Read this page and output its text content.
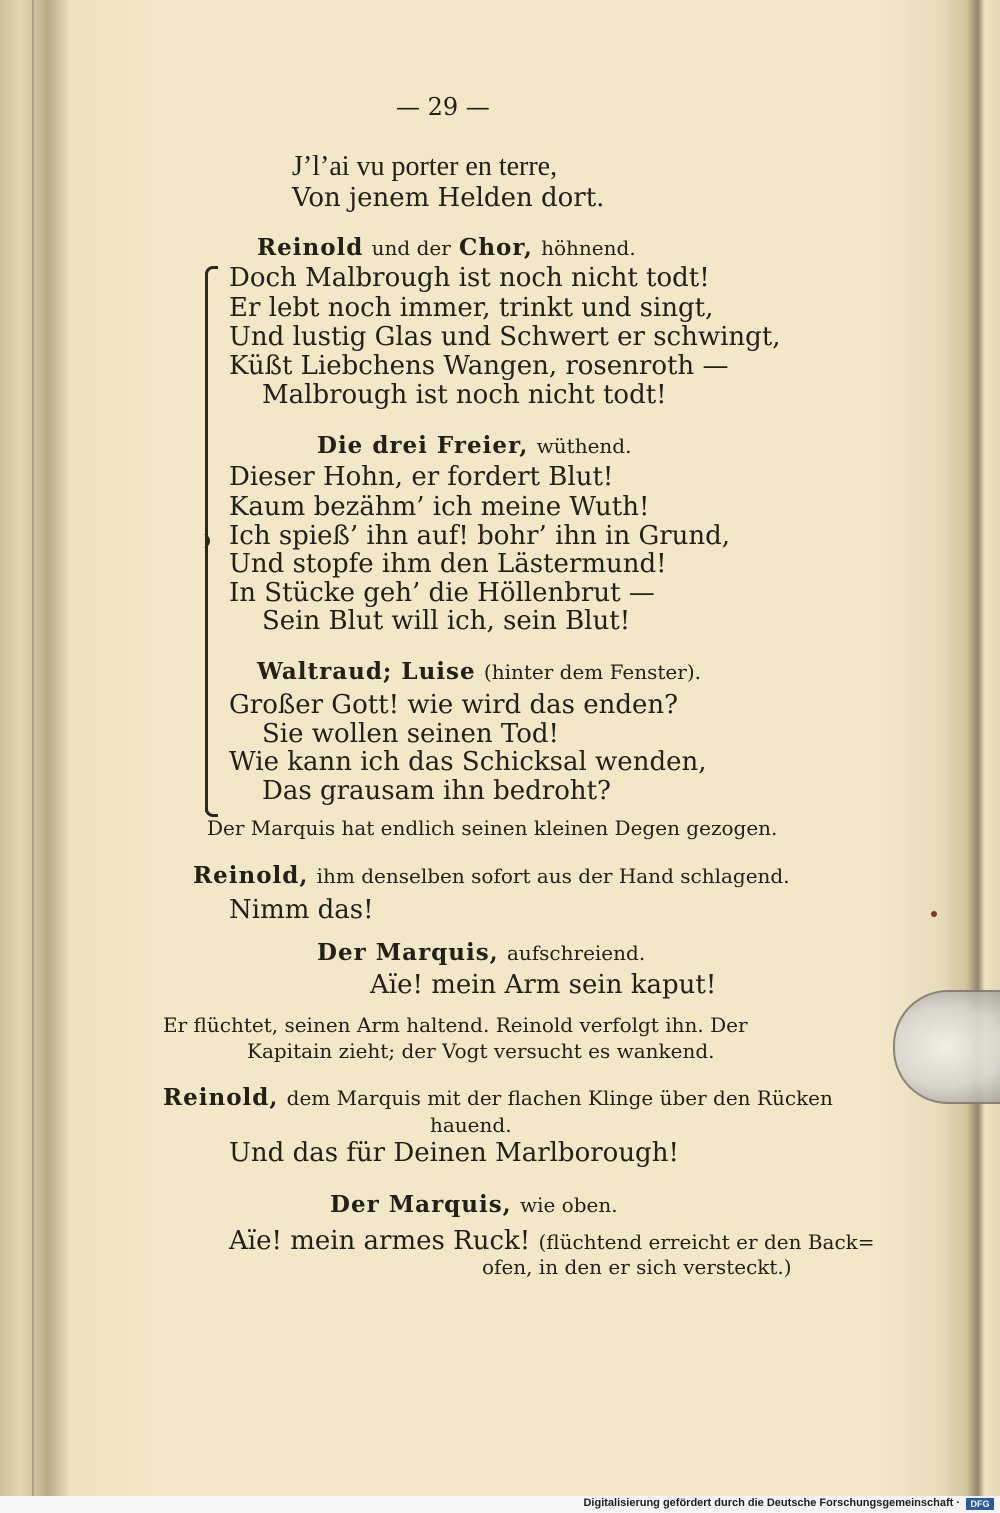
— 29 —
J’l’ai vu porter en terre,
Von jenem Helden dort.
Reinold und der Chor, höhnend.
Doch Malbrough ist noch nicht todt!
Er lebt noch immer, trinkt und singt,
Und lustig Glas und Schwert er schwingt,
Küßt Liebchens Wangen, rosenroth —
Malbrough ist noch nicht todt!
Die drei Freier, wüthend.
Dieser Hohn, er fordert Blut!
Kaum bezähm’ ich meine Wuth!
Ich spieß’ ihn auf! bohr’ ihn in Grund,
Und stopfe ihm den Lästermund!
In Stücke geh’ die Höllenbrut —
Sein Blut will ich, sein Blut!
Waltraud; Luise (hinter dem Fenster).
Großer Gott! wie wird das enden?
Sie wollen seinen Tod!
Wie kann ich das Schicksal wenden,
Das grausam ihn bedroht?
Der Marquis hat endlich seinen kleinen Degen gezogen.
Reinold, ihm denselben sofort aus der Hand schlagend.
Nimm das!
Der Marquis, aufschreiend.
Aïe! mein Arm sein kaput!
Er flüchtet, seinen Arm haltend. Reinold verfolgt ihn. Der
Kapitain zieht; der Vogt versucht es wankend.
Reinold, dem Marquis mit der flachen Klinge über den Rücken
hauend.
Und das für Deinen Marlborough!
Der Marquis, wie oben.
Aïe! mein armes Ruck! (flüchtend erreicht er den Back=
ofen, in den er sich versteckt.)
Digitalisierung gefördert durch die Deutsche Forschungsgemeinschaft ·	DFG
